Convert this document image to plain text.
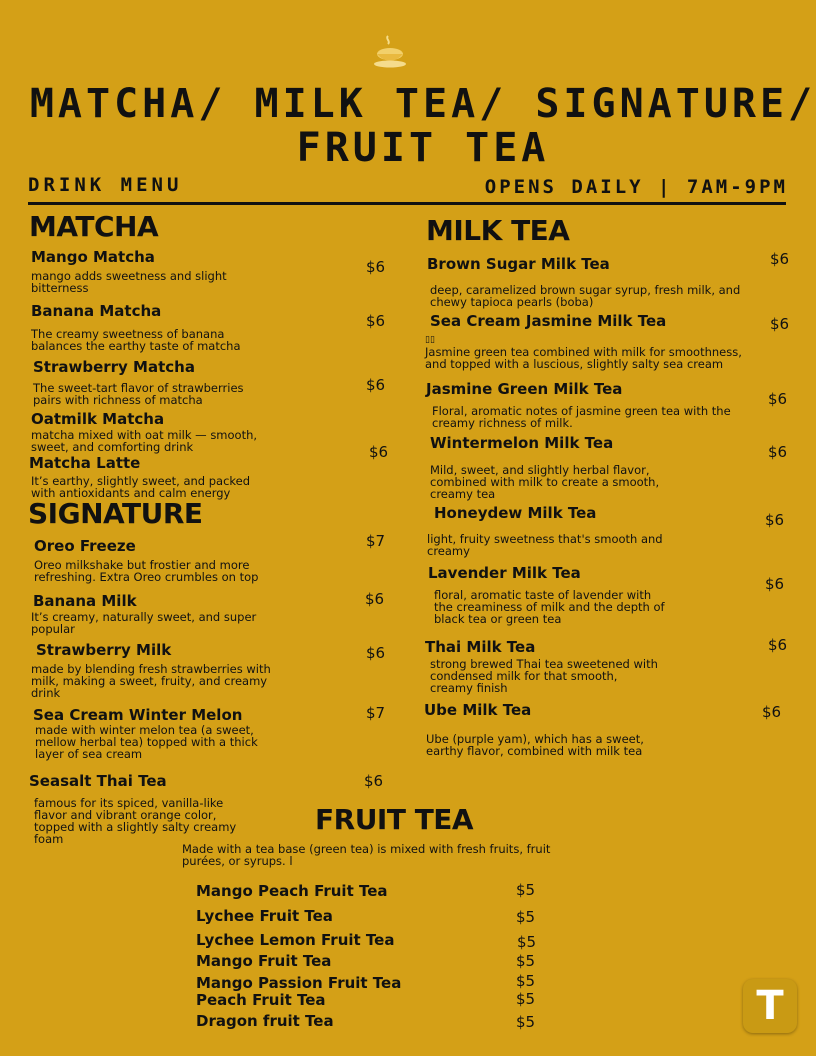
MATCHA/ MILK TEA/ SIGNATURE/
FRUIT TEA
DRINK MENU	OPENS DAILY | 7AM-9PM
MATCHA
Mango Matcha
mango adds sweetness and slight bitterness
$6
Banana Matcha
The creamy sweetness of banana balances the earthy taste of matcha
$6
Strawberry Matcha
The sweet-tart flavor of strawberries pairs with richness of matcha
$6
Oatmilk Matcha
matcha mixed with oat milk — smooth, sweet, and comforting drink	$6
Matcha Latte
It’s earthy, slightly sweet, and packed with antioxidants and calm energy
SIGNATURE
Oreo Freeze
Oreo milkshake but frostier and more refreshing. Extra Oreo crumbles on top
$7
Banana Milk
It’s creamy, naturally sweet, and super popular
$6
Strawberry Milk
made by blending fresh strawberries with milk, making a sweet, fruity, and creamy drink
$6
Sea Cream Winter Melon
made with winter melon tea (a sweet, mellow herbal tea) topped with a thick layer of sea cream
$7
Seasalt Thai Tea
famous for its spiced, vanilla-like flavor and vibrant orange color, topped with a slightly salty creamy foam
$6
MILK TEA
Brown Sugar Milk Tea
deep, caramelized brown sugar syrup, fresh milk, and chewy tapioca pearls (boba)
$6
Sea Cream Jasmine Milk Tea
▯▯
Jasmine green tea combined with milk for smoothness, and topped with a luscious, slightly salty sea cream
$6
Jasmine Green Milk Tea
Floral, aromatic notes of jasmine green tea with the creamy richness of milk.
$6
Wintermelon Milk Tea
Mild, sweet, and slightly herbal flavor, combined with milk to create a smooth, creamy tea
$6
Honeydew Milk Tea
light, fruity sweetness that's smooth and creamy
$6
Lavender Milk Tea
floral, aromatic taste of lavender with the creaminess of milk and the depth of black tea or green tea
$6
Thai Milk Tea
strong brewed Thai tea sweetened with condensed milk for that smooth, creamy finish
$6
Ube Milk Tea
Ube (purple yam), which has a sweet, earthy flavor, combined with milk tea
$6
FRUIT TEA
Made with a tea base (green tea) is mixed with fresh fruits, fruit purées, or syrups. l
Mango Peach Fruit Tea	$5
Lychee Fruit Tea	$5
Lychee Lemon Fruit Tea	$5
Mango Fruit Tea	$5
Mango Passion Fruit Tea	$5
Peach Fruit Tea	$5
Dragon fruit Tea	$5	T
